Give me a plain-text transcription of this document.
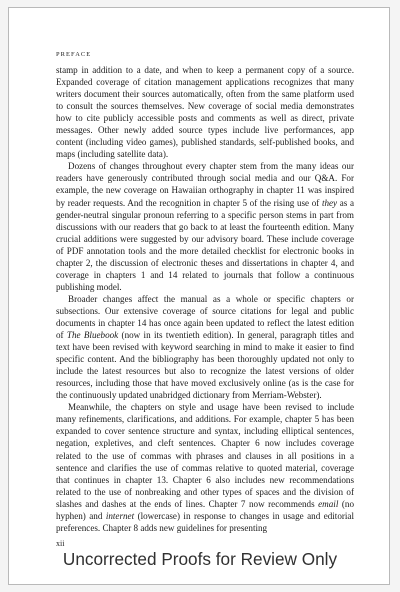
PREFACE

stamp in addition to a date, and when to keep a permanent copy of a source. Expanded coverage of citation management applications recognizes that many writers document their sources automatically, often from the same platform used to consult the sources themselves. New coverage of social media demonstrates how to cite publicly accessible posts and comments as well as direct, private messages. Other newly added source types include live performances, app content (including video games), published standards, self-published books, and maps (including satellite data).

Dozens of changes throughout every chapter stem from the many ideas our readers have generously contributed through social media and our Q&A. For example, the new coverage on Hawaiian orthography in chapter 11 was inspired by reader requests. And the recognition in chapter 5 of the rising use of they as a gender-neutral singular pronoun referring to a specific person stems in part from discussions with our readers that go back to at least the fourteenth edition. Many crucial additions were suggested by our advisory board. These include coverage of PDF annotation tools and the more detailed checklist for electronic books in chapter 2, the discussion of electronic theses and dissertations in chapter 4, and coverage in chapters 1 and 14 related to journals that follow a continuous publishing model.

Broader changes affect the manual as a whole or specific chapters or subsections. Our extensive coverage of source citations for legal and public documents in chapter 14 has once again been updated to reflect the latest edition of The Bluebook (now in its twentieth edition). In general, paragraph titles and text have been revised with keyword searching in mind to make it easier to find specific content. And the bibliography has been thoroughly updated not only to include the latest resources but also to recognize the latest versions of older resources, including those that have moved exclusively online (as is the case for the continuously updated unabridged dictionary from Merriam-Webster).

Meanwhile, the chapters on style and usage have been revised to include many refinements, clarifications, and additions. For example, chapter 5 has been expanded to cover sentence structure and syntax, including elliptical sentences, negation, expletives, and cleft sentences. Chapter 6 now includes coverage related to the use of commas with phrases and clauses in all positions in a sentence and clarifies the use of commas relative to quoted material, coverage that continues in chapter 13. Chapter 6 also includes new recommendations related to the use of nonbreaking and other types of spaces and the division of slashes and dashes at the ends of lines. Chapter 7 now recommends email (no hyphen) and internet (lowercase) in response to changes in usage and editorial preferences. Chapter 8 adds new guidelines for presenting

xii
Uncorrected Proofs for Review Only
